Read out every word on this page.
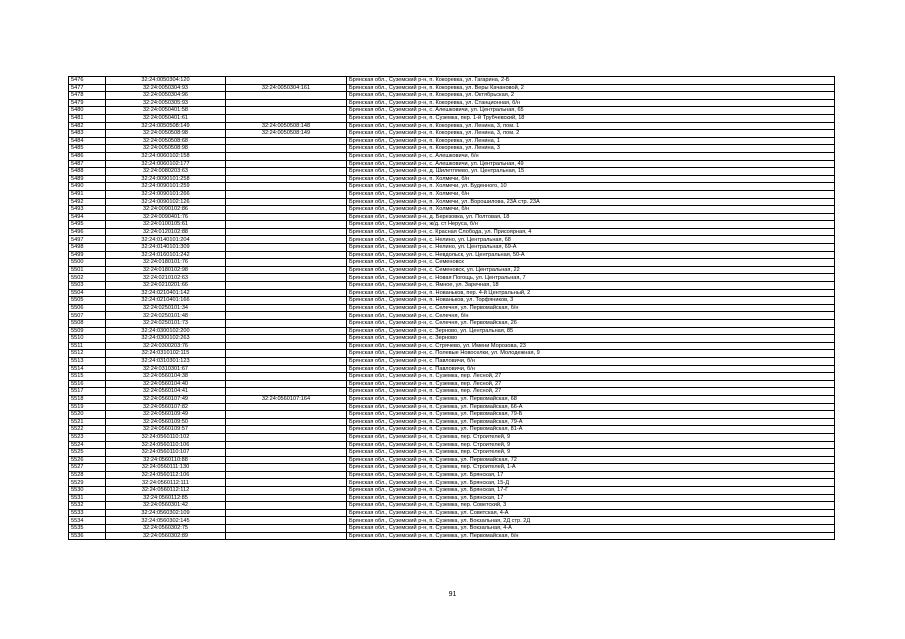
5476	32:24:0050304:120		Брянская обл., Суземский р-н, п. Кокоревка, ул. Гагарина, 2-Б
5477	32:24:0050304:93	32:24:0050304:161	Брянская обл., Суземский р-н, п. Кокоревка, ул. Веры Качановой, 2
5478	32:24:0050304:96		Брянская обл., Суземский р-н, п. Кокоревка, ул. Октябрьская, 2
5479	32:24:0050305:93		Брянская обл., Суземский р-н, п. Кокоревка, ул. Станционная, б/н
5480	32:24:0050401:58		Брянская обл., Суземский р-н, с. Алешковичи, ул. Центральная, 65
5481	32:24:0050401:61		Брянская обл., Суземский р-н, п. Суземка, пер. 1-й Трубчевский, 18
5482	32:24:0050508:149	32:24:0050508:148	Брянская обл., Суземский р-н, п. Кокоревка, ул. Ленина, 3, пом. 1
5483	32:24:0050508:98	32:24:0050508:149	Брянская обл., Суземский р-н, п. Кокоревка, ул. Ленина, 3, пом. 2
5484	32:24:0050508:68		Брянская обл., Суземский р-н, п. Кокоревка, ул. Ленина, 1
5485	32:24:0050508:98		Брянская обл., Суземский р-н, п. Кокоревка, ул. Ленина, 3
5486	32:24:0060102:158		Брянская обл., Суземский р-н, с. Алешковичи, б/н
5487	32:24:0060102:177		Брянская обл., Суземский р-н, с. Алешковичи, ул. Центральная, 49
5488	32:24:0080203:63		Брянская обл., Суземский р-н, д. Шилетляево, ул. Центральная, 15
5489	32:24:0090101:258		Брянская обл., Суземский р-н, п. Холмечи, б/н
5490	32:24:0090101:259		Брянская обл., Суземский р-н, п. Холмечи, ул. Буденного, 10
5491	32:24:0090101:266		Брянская обл., Суземский р-н, п. Холмечи, б/н
5492	32:24:0090102:126		Брянская обл., Суземский р-н, п. Холмечи, ул. Ворошилова, 23А стр. 23А
5493	32:24:0090102:86		Брянская обл., Суземский р-н, п. Холмечи, б/н
5494	32:24:0090401:76		Брянская обл., Суземский р-н, д. Березовка, ул. Полтовая, 18
5495	32:24:0100105:61		Брянская обл., Суземский р-н, ж/д. ст Неруса, б/н
5496	32:24:0120102:88		Брянская обл., Суземский р-н, с. Красная Слобода, ул. Присоярная, 4
5497	32:24:0140101:204		Брянская обл., Суземский р-н, с. Нелино, ул. Центральная, 68
5498	32:24:0140101:309		Брянская обл., Суземский р-н, с. Нелино, ул. Центральная, 69-А
5499	32:24:0160101:242		Брянская обл., Суземский р-н, с. Невдольск, ул. Центральная, 50-А
5500	32:24:0180101:76		Брянская обл., Суземский р-н, с. Семеновск
5501	32:24:0180102:98		Брянская обл., Суземский р-н, с. Семеновск, ул. Центральная, 22
5502	32:24:0210102:63		Брянская обл., Суземский р-н, с. Новая Погощь, ул. Центральная, 7
5503	32:24:0210201:66		Брянская обл., Суземский р-н, с. Ямное, ул. Заречная, 18
5504	32:24:0210401:142		Брянская обл., Суземский р-н, п. Нованьков, пер. 4-й Центральный, 2
5505	32:24:0210401:166		Брянская обл., Суземский р-н, п. Нованьков, ул. Торфяников, 3
5506	32:24:0250101:34		Брянская обл., Суземский р-н, с. Селечня, ул. Первомайская, б/н
5507	32:24:0250101:48		Брянская обл., Суземский р-н, с. Селечня, б/н
5508	32:24:0250101:73		Брянская обл., Суземский р-н, с. Селечня, ул. Первомайская, 26
5509	32:24:0300102:200		Брянская обл., Суземский р-н, с. Зерново, ул. Центральная, 85
5510	32:24:0300102:263		Брянская обл., Суземский р-н, с. Зерново
5511	32:24:0300203:76		Брянская обл., Суземский р-н, с. Стрячево, ул. Имени Морозова, 23
5512	32:24:0310102:115		Брянская обл., Суземский р-н, с. Полевые Новоселки, ул. Молодежная, 9
5513	32:24:0310301:123		Брянская обл., Суземский р-н, с. Павловичи, б/н
5514	32:24:0310301:67		Брянская обл., Суземский р-н, с. Павловичи, б/н
5515	32:24:0560104:38		Брянская обл., Суземский р-н, п. Суземка, пер. Лесной, 27
5516	32:24:0560104:40		Брянская обл., Суземский р-н, п. Суземка, пер. Лесной, 27
5517	32:24:0560104:41		Брянская обл., Суземский р-н, п. Суземка, пер. Лесной, 27
5518	32:24:0560107:49	32:24:0560107:164	Брянская обл., Суземский р-н, п. Суземка, ул. Первомайская, 68
5519	32:24:0560107:82		Брянская обл., Суземский р-н, п. Суземка, ул. Первомайская, 66-А
5520	32:24:0560109:49		Брянская обл., Суземский р-н, п. Суземка, ул. Первомайская, 79-Б
5521	32:24:0560109:50		Брянская обл., Суземский р-н, п. Суземка, ул. Первомайская, 79-А
5522	32:24:0560109:57		Брянская обл., Суземский р-н, п. Суземка, ул. Первомайская, 81-А
5523	32:24:0560110:102		Брянская обл., Суземский р-н, п. Суземка, пер. Строителей, 9
5524	32:24:0560110:106		Брянская обл., Суземский р-н, п. Суземка, пер. Строителей, 9
5525	32:24:0560110:107		Брянская обл., Суземский р-н, п. Суземка, пер. Строителей, 9
5526	32:24:0560110:88		Брянская обл., Суземский р-н, п. Суземка, ул. Первомайская, 72
5527	32:24:0560111:130		Брянская обл., Суземский р-н, п. Суземка, пер. Строителей, 1-А
5528	32:24:0560112:106		Брянская обл., Суземский р-н, п. Суземка, ул. Брянская, 17
5529	32:24:0560112:111		Брянская обл., Суземский р-н, п. Суземка, ул. Брянская, 15-Д
5530	32:24:0560112:112		Брянская обл., Суземский р-н, п. Суземка, ул. Брянская, 17-Г
5531	32:24:0560112:85		Брянская обл., Суземский р-н, п. Суземка, ул. Брянская, 17
5532	32:24:0560301:42		Брянская обл., Суземский р-н, п. Суземка, пер. Советский, 3
5533	32:24:0560302:109		Брянская обл., Суземский р-н, п. Суземка, ул. Советская, 4-А
5534	32:24:0560302:145		Брянская обл., Суземский р-н, п. Суземка, ул. Вокзальная, 2Д стр. 2Д
5535	32:24:0560302:75		Брянская обл., Суземский р-н, п. Суземка, ул. Вокзальная, 4-А
5536	32:24:0560302:89		Брянская обл., Суземский р-н, п. Суземка, ул. Первомайская, б/н
91
